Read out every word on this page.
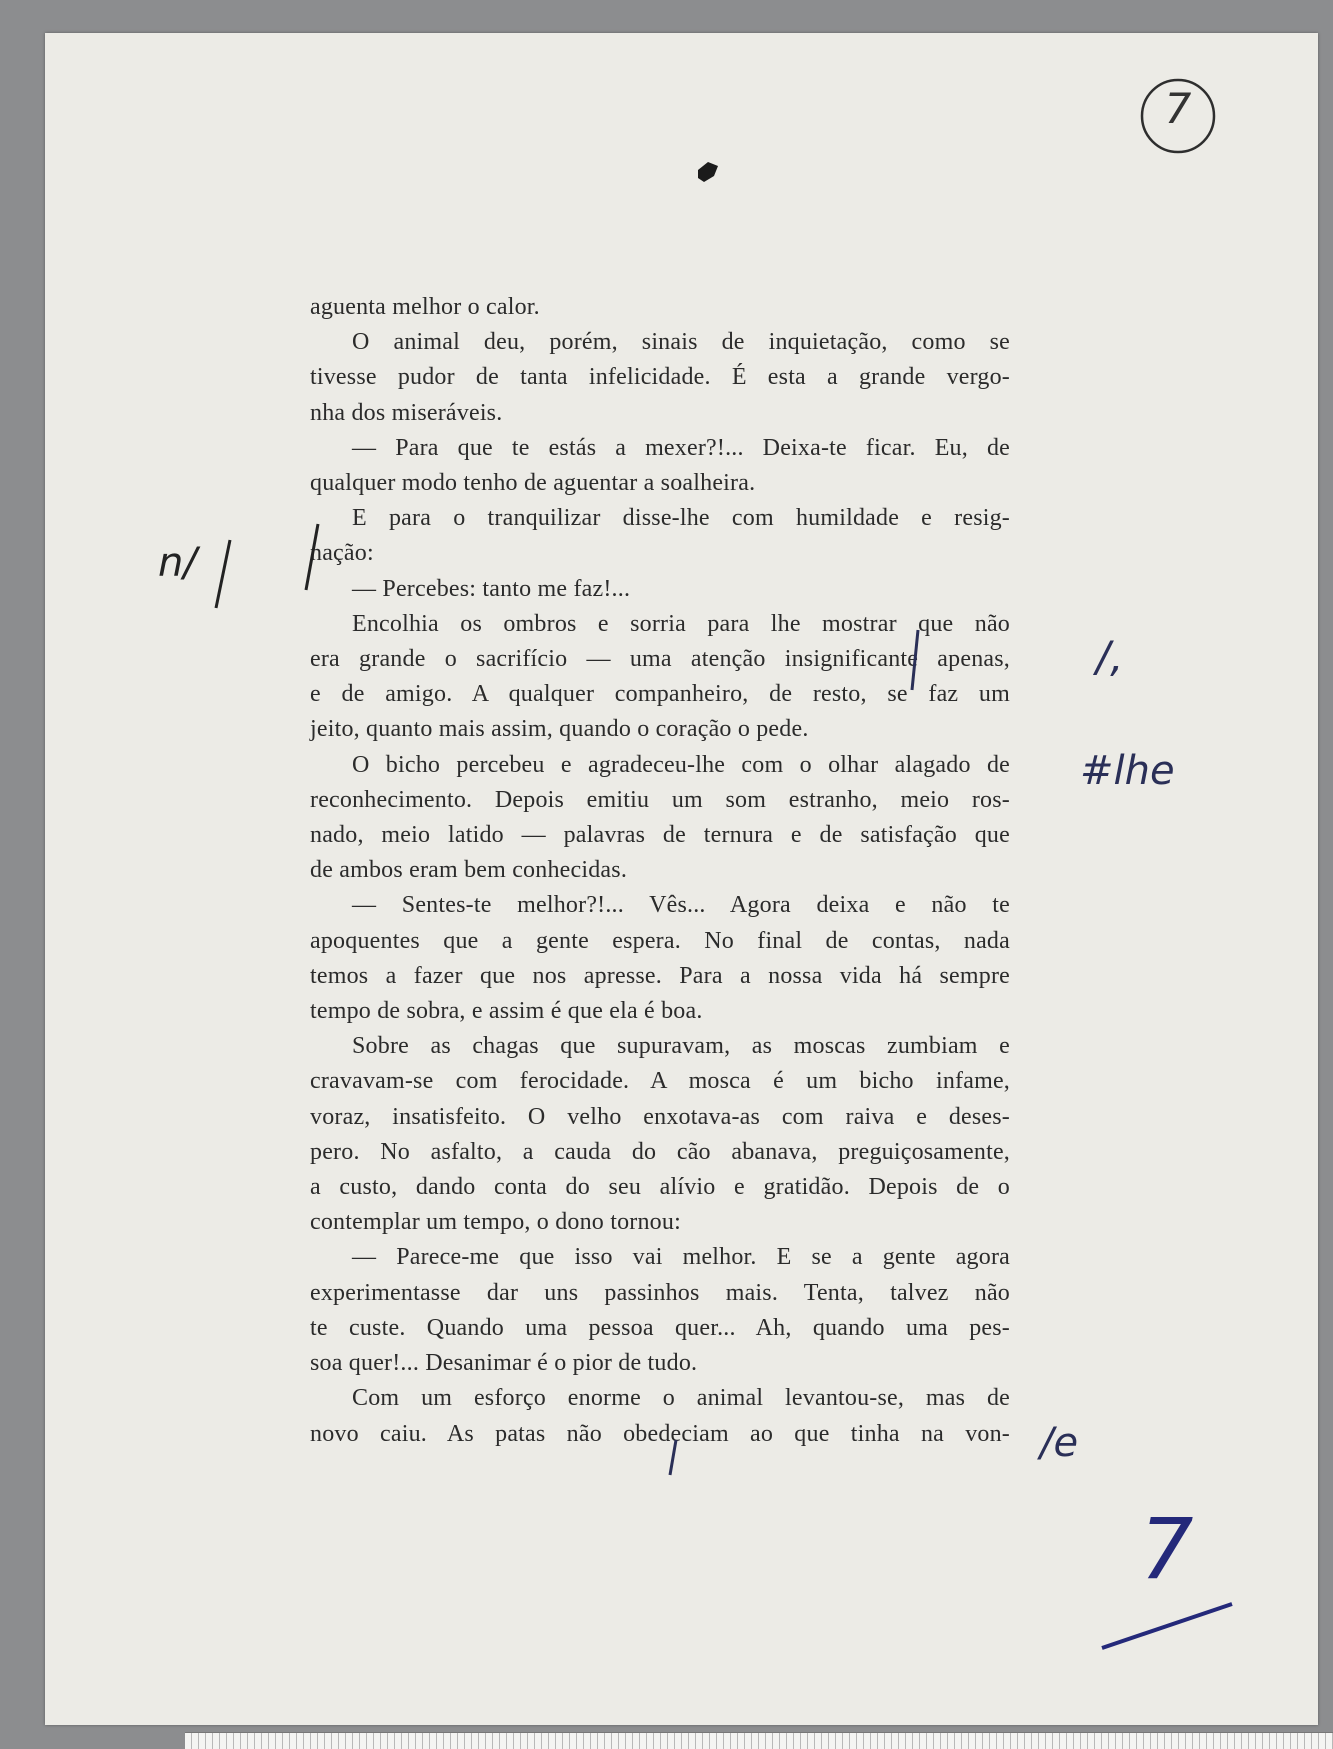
7
aguenta melhor o calor.
O animal deu, porém, sinais de inquietação, como se
tivesse pudor de tanta infelicidade. É esta a grande vergo-
nha dos miseráveis.
— Para que te estás a mexer?!... Deixa-te ficar. Eu, de
qualquer modo tenho de aguentar a soalheira.
E para o tranquilizar disse-lhe com humildade e resig-
nação:
— Percebes: tanto me faz!...
Encolhia os ombros e sorria para lhe mostrar que não
era grande o sacrifício — uma atenção insignificante apenas,
e de amigo. A qualquer companheiro, de resto, se faz um
jeito, quanto mais assim, quando o coração o pede.
O bicho percebeu e agradeceu-lhe com o olhar alagado de
reconhecimento. Depois emitiu um som estranho, meio ros-
nado, meio latido — palavras de ternura e de satisfação que
de ambos eram bem conhecidas.
— Sentes-te melhor?!... Vês... Agora deixa e não te
apoquentes que a gente espera. No final de contas, nada
temos a fazer que nos apresse. Para a nossa vida há sempre
tempo de sobra, e assim é que ela é boa.
Sobre as chagas que supuravam, as moscas zumbiam e
cravavam-se com ferocidade. A mosca é um bicho infame,
voraz, insatisfeito. O velho enxotava-as com raiva e deses-
pero. No asfalto, a cauda do cão abanava, preguiçosamente,
a custo, dando conta do seu alívio e gratidão. Depois de o
contemplar um tempo, o dono tornou:
— Parece-me que isso vai melhor. E se a gente agora
experimentasse dar uns passinhos mais. Tenta, talvez não
te custe. Quando uma pessoa quer... Ah, quando uma pes-
soa quer!... Desanimar é o pior de tudo.
Com um esforço enorme o animal levantou-se, mas de
novo caiu. As patas não obedeciam ao que tinha na von-
n/
/,
#lhe
/e
7
